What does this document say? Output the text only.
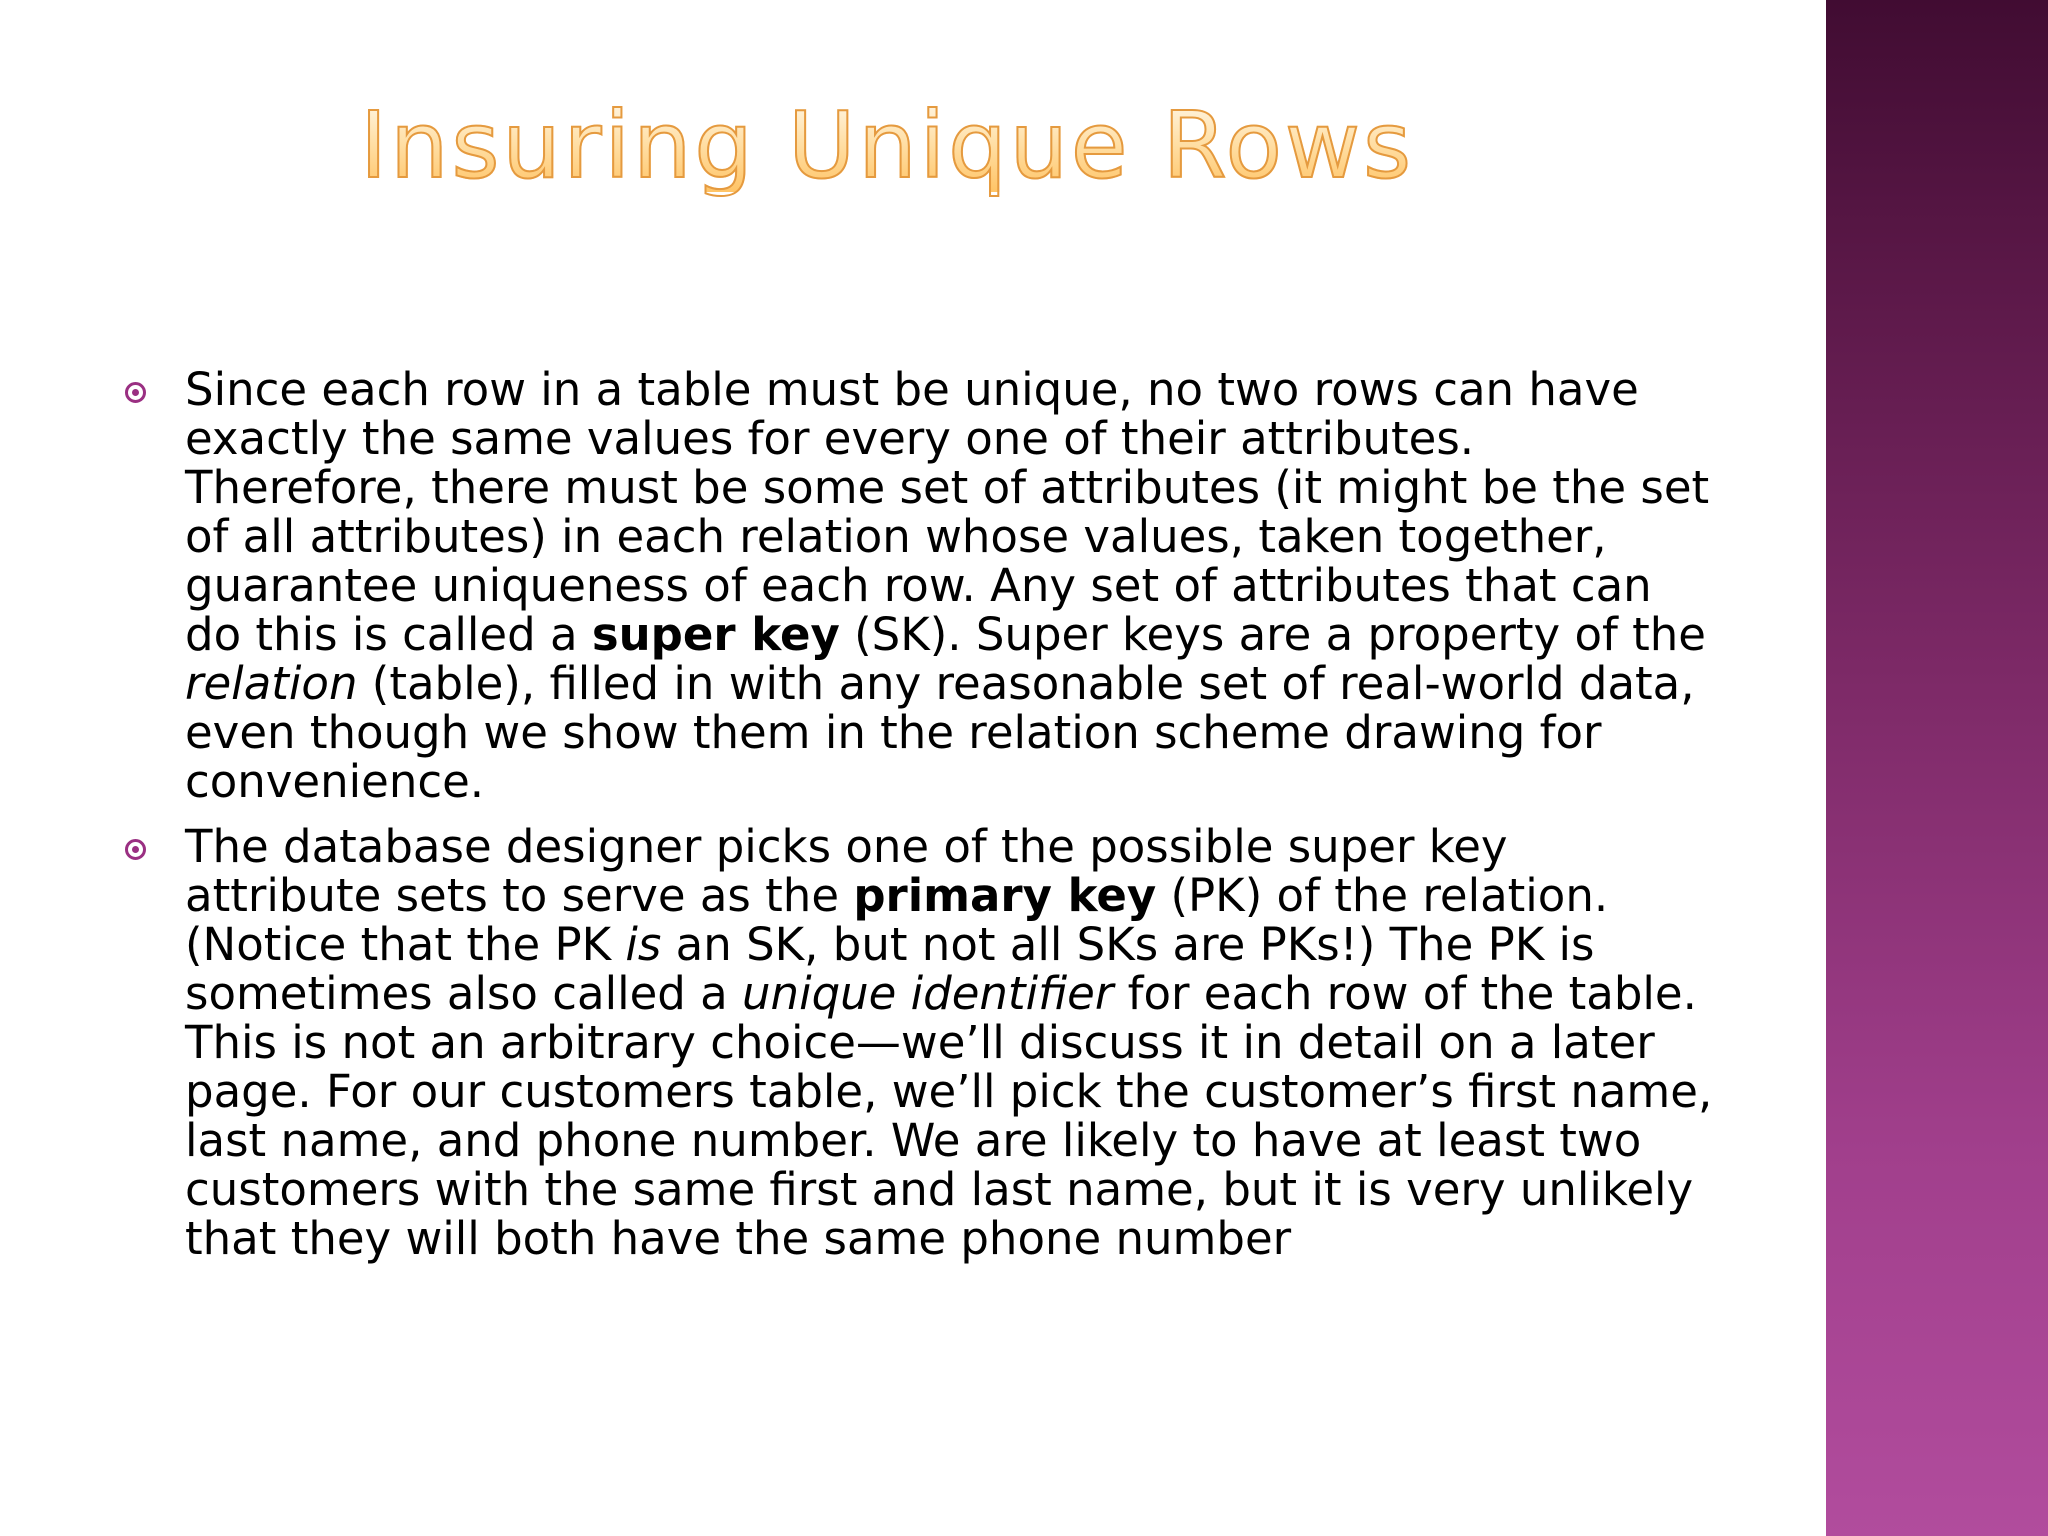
Insuring Unique Rows
Since each row in a table must be unique, no two rows can have exactly the same values for every one of their attributes. Therefore, there must be some set of attributes (it might be the set of all attributes) in each relation whose values, taken together, guarantee uniqueness of each row. Any set of attributes that can do this is called a super key (SK). Super keys are a property of the relation (table), filled in with any reasonable set of real-world data, even though we show them in the relation scheme drawing for convenience.
The database designer picks one of the possible super key attribute sets to serve as the primary key (PK) of the relation. (Notice that the PK is an SK, but not all SKs are PKs!) The PK is sometimes also called a unique identifier for each row of the table. This is not an arbitrary choice—we’ll discuss it in detail on a later page. For our customers table, we’ll pick the customer’s first name, last name, and phone number. We are likely to have at least two customers with the same first and last name, but it is very unlikely that they will both have the same phone number
